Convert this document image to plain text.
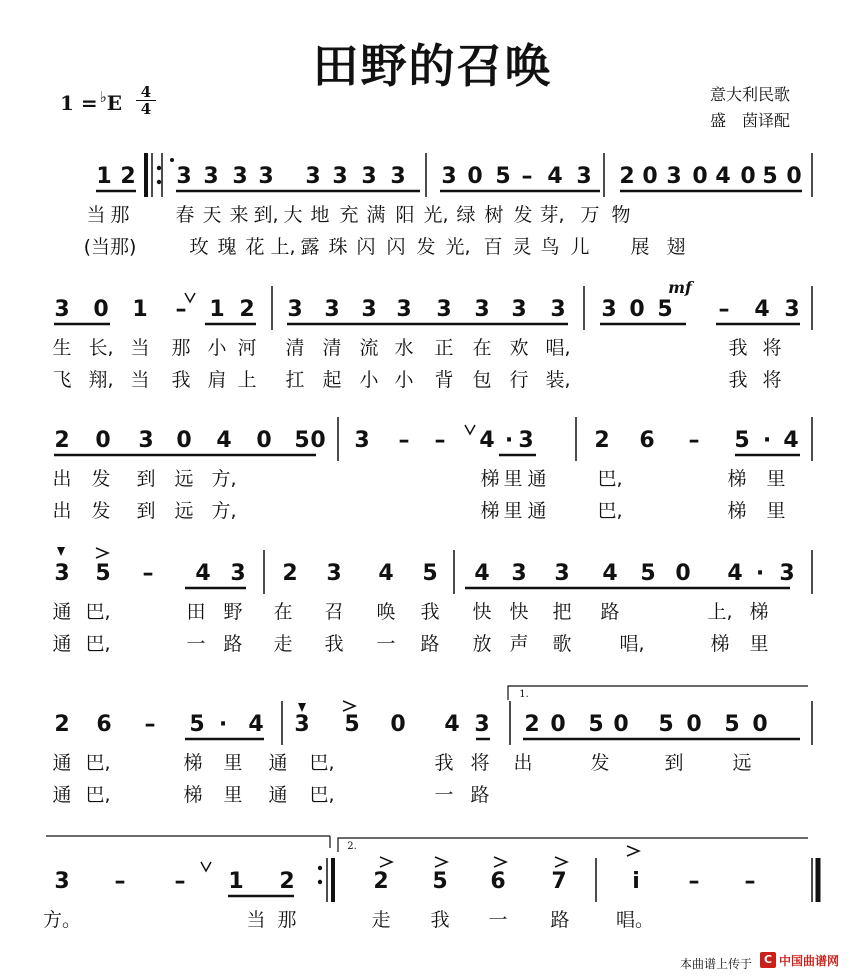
田野的召唤
1 = ♭E	4
4
意大利民歌
盛　茵译配
1 2 3 3 3 3 3 3 3 3 3 0 5 – 4 3 2 0 3 0 4 0 5 0
当 那 春 天 来 到, 大 地 充 满 阳 光, 绿 树 发 芽, 万 物
(当那)	玫 瑰 花 上, 露 珠 闪 闪 发 光, 百 灵 鸟 儿 展 翅
3 0 1 – 1 2 3 3 3 3 3 3 3 3 3 0 5 – 4 3
生 长, 当 那 小 河 清 清 流 水 正 在 欢 唱,	我 将
飞 翔, 当 我 肩 上 扛 起 小 小 背 包 行 装,	我 将
2 0 3 0 4 0 5 0 3 – – 4 · 3	2 6 – 5 · 4
出 发 到 远 方,	梯 里 通	巴,	梯 里
出 发 到 远 方,	梯 里 通	巴,	梯 里
3 5 – 4 3 2 3 4 5 4 3 3 4 5 0 4 · 3
通 巴,	田 野 在 召 唤 我 快 快 把 路	上, 梯
通 巴,	一 路 走 我 一 路 放 声 歌	唱,	梯 里
2 6 – 5 · 4 3 5 0 4 3 2 0 5 0 5 0 5 0
通 巴,	梯 里 通 巴,	我 将 出	发	到	远
通 巴,	梯 里 通 巴,	一 路
3 – – 1 2	2 5 6 7	i – –
方。	当 那	走 我 一 路 唱。
mf
1.
2.
本曲谱上传于	C 中国曲谱网
